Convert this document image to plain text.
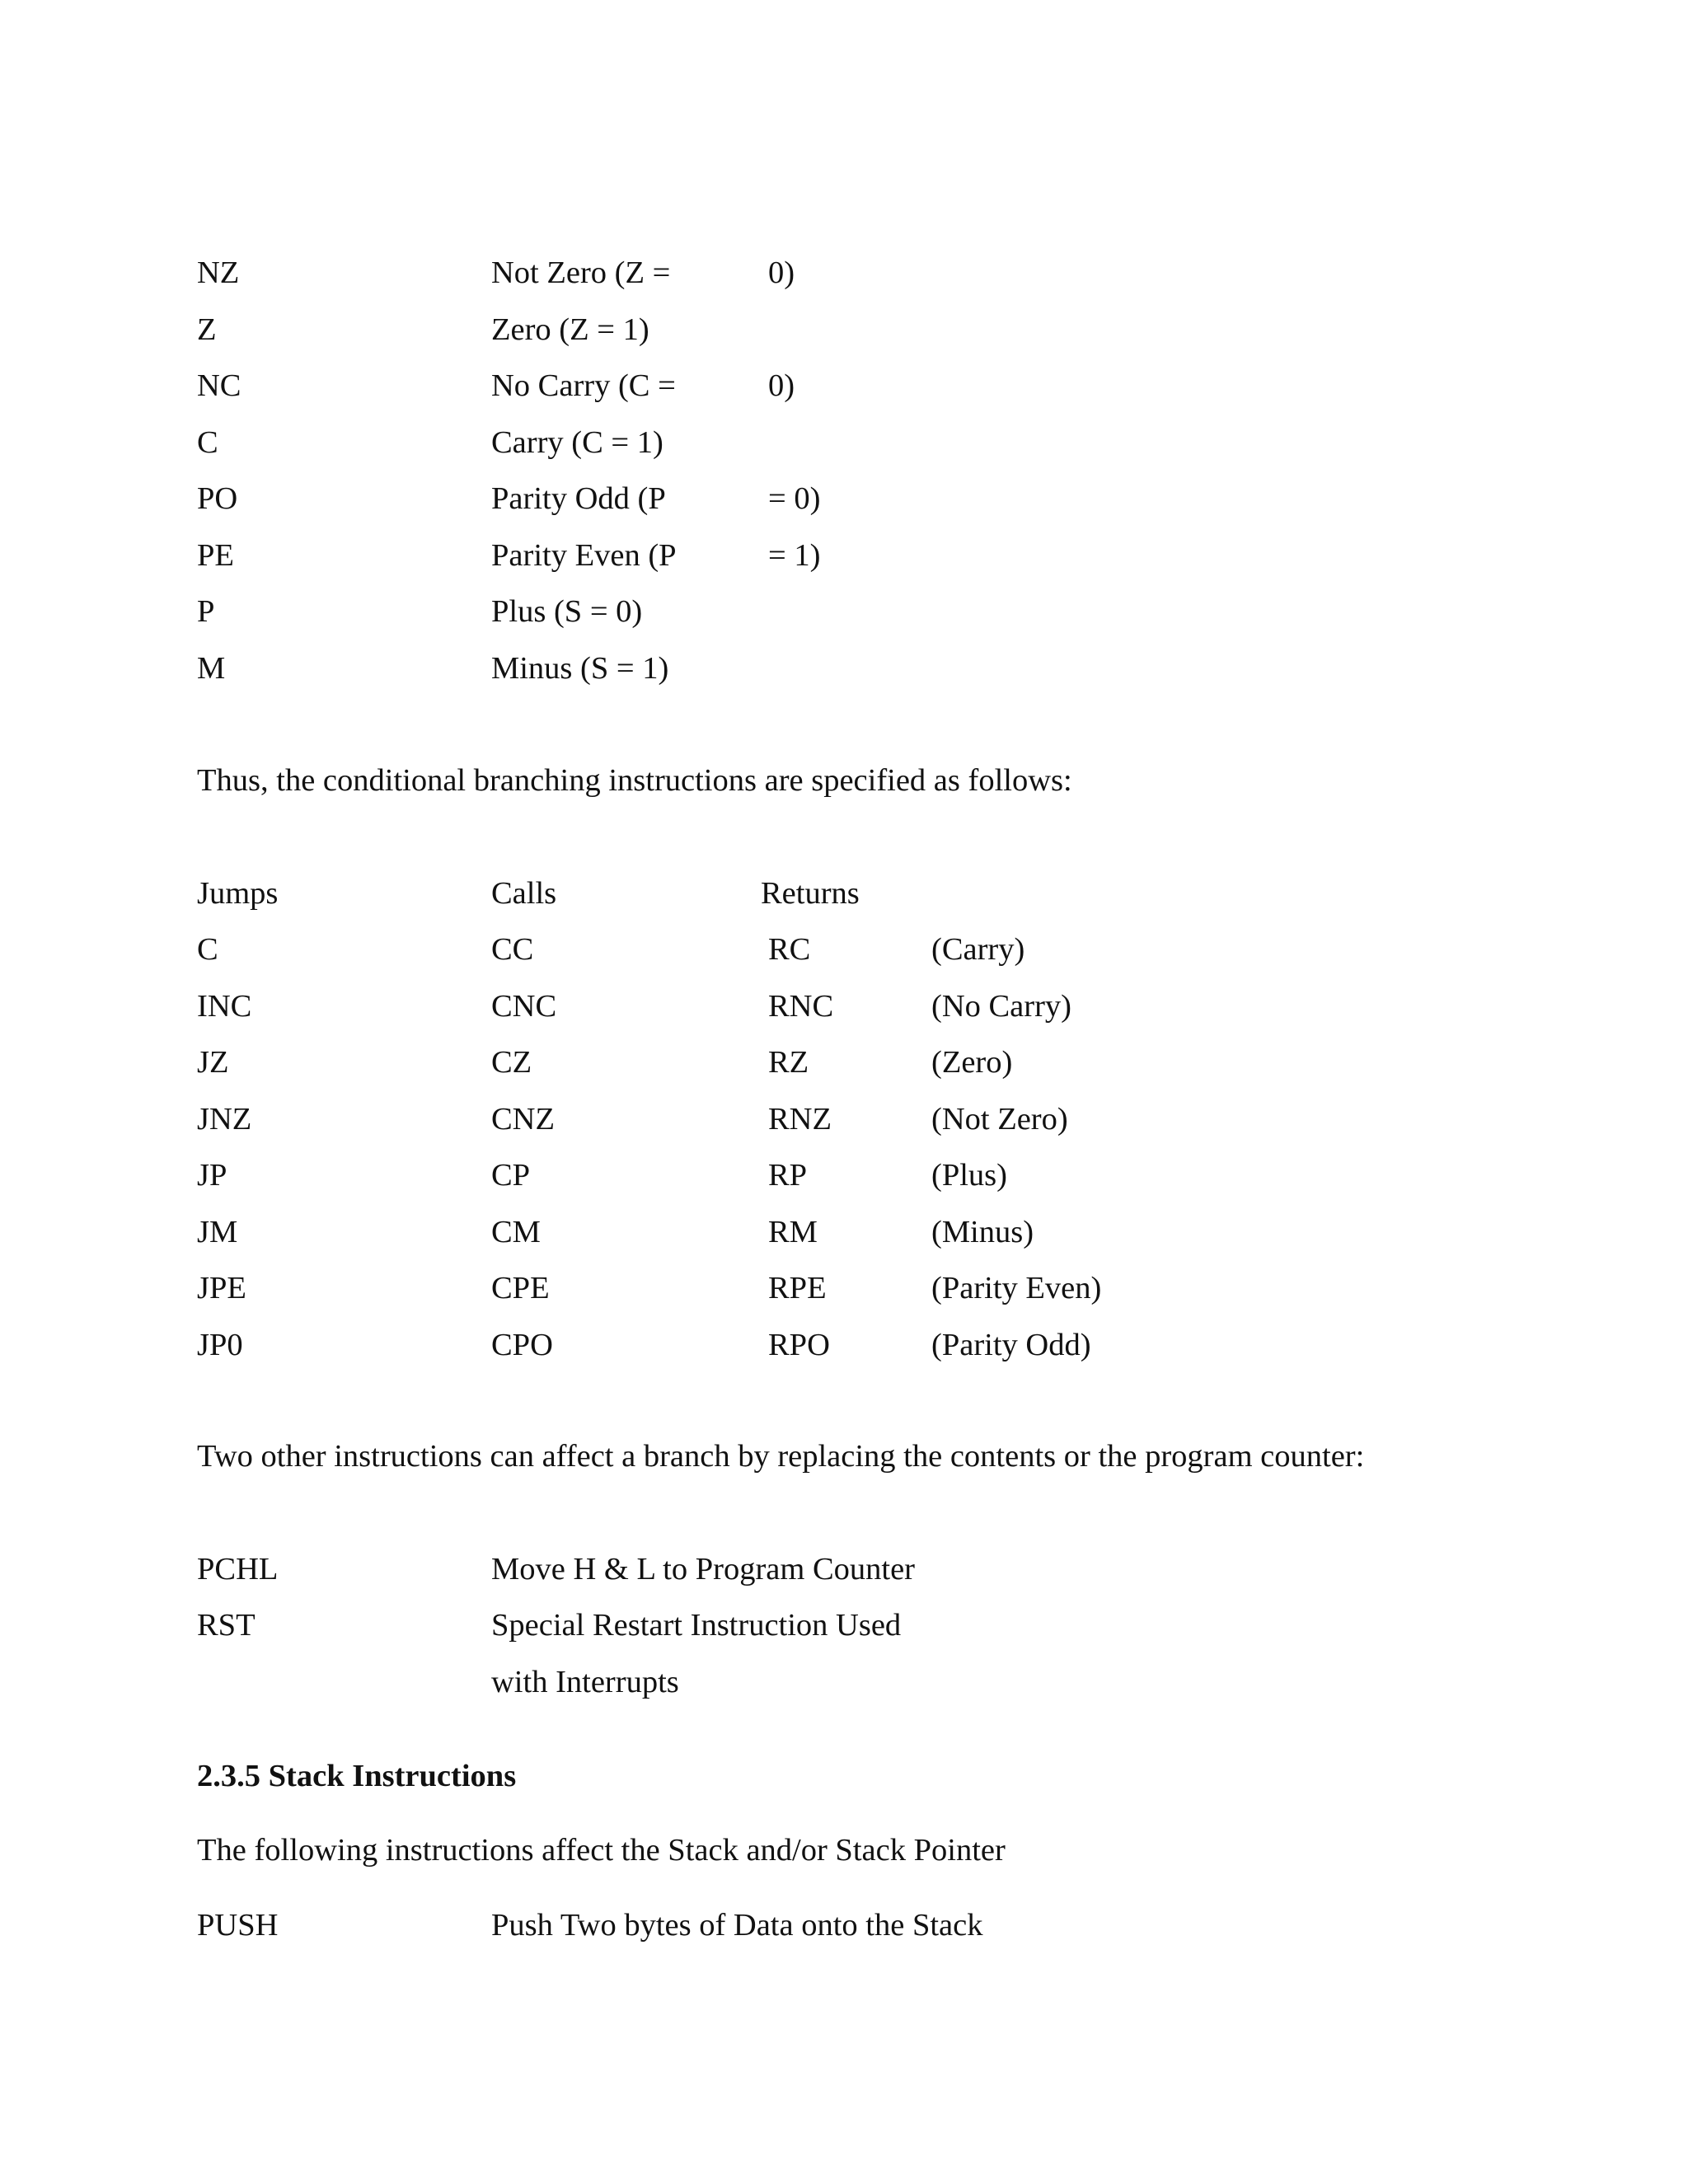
NZ	Not Zero (Z =	0)
Z	Zero (Z = 1)
NC	No Carry (C =	0)
C	Carry (C = 1)
PO	Parity Odd (P	= 0)
PE	Parity Even (P	= 1)
P	Plus (S = 0)
M	Minus (S = 1)
Thus, the conditional branching instructions are specified as follows:
Jumps	Calls	Returns
C	CC	RC	(Carry)
INC	CNC	RNC	(No Carry)
JZ	CZ	RZ	(Zero)
JNZ	CNZ	RNZ	(Not Zero)
JP	CP	RP	(Plus)
JM	CM	RM	(Minus)
JPE	CPE	RPE	(Parity Even)
JP0	CPO	RPO	(Parity Odd)
Two other instructions can affect a branch by replacing the contents or the program counter:
PCHL	Move H & L to Program Counter
RST	Special Restart Instruction Used
with Interrupts
2.3.5 Stack Instructions
The following instructions affect the Stack and/or Stack Pointer
PUSH	Push Two bytes of Data onto the Stack
